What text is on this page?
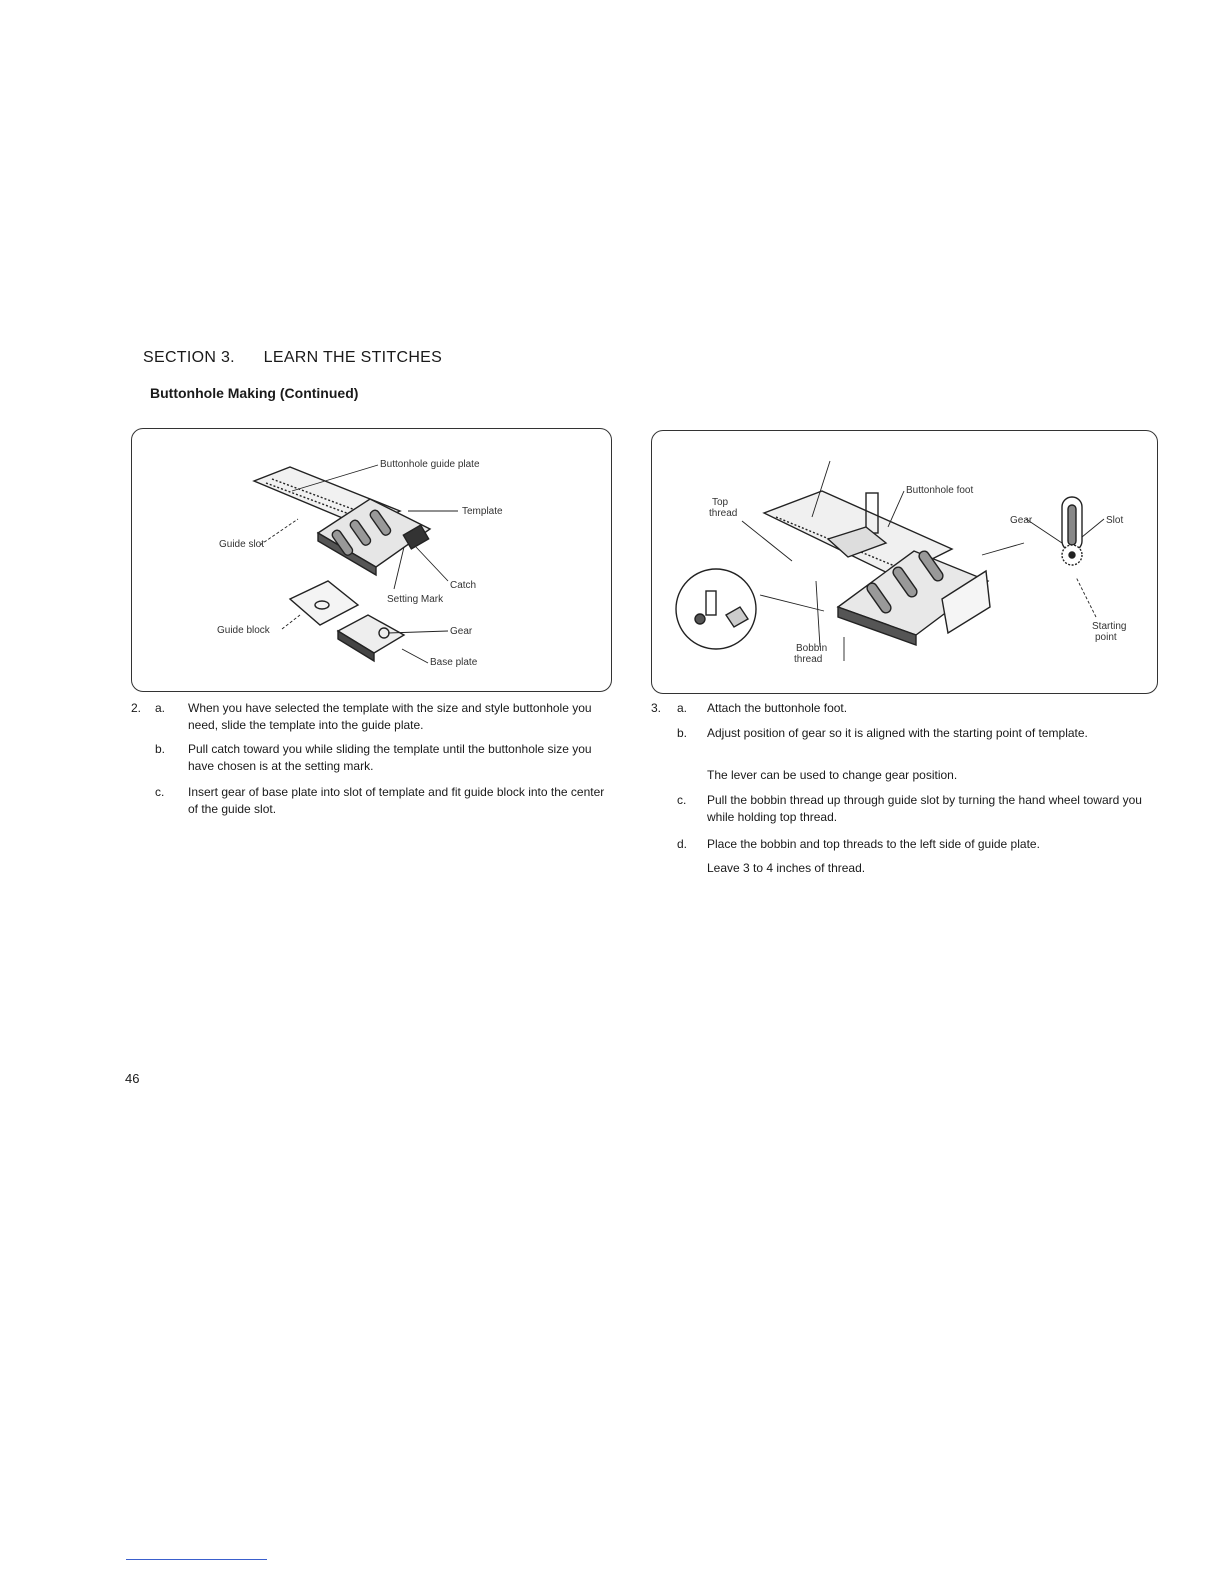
SECTION 3. LEARN THE STITCHES
Buttonhole Making (Continued)
Buttonhole guide plate
Template
Guide slot
Catch
Setting Mark
Guide block	Gear
Base plate
Top
thread
Buttonhole foot
Gear	Slot
Starting
point
Bobbin
thread
2. a. When you have selected the template with the size and style buttonhole you need, slide the template into the guide plate.
b. Pull catch toward you while sliding the template until the buttonhole size you have chosen is at the setting mark.
c. Insert gear of base plate into slot of template and fit guide block into the center of the guide slot.
3. a. Attach the buttonhole foot.
b. Adjust position of gear so it is aligned with the starting point of template.
The lever can be used to change gear position.
c. Pull the bobbin thread up through guide slot by turning the hand wheel toward you while holding top thread.
d. Place the bobbin and top threads to the left side of guide plate.
Leave 3 to 4 inches of thread.
46
